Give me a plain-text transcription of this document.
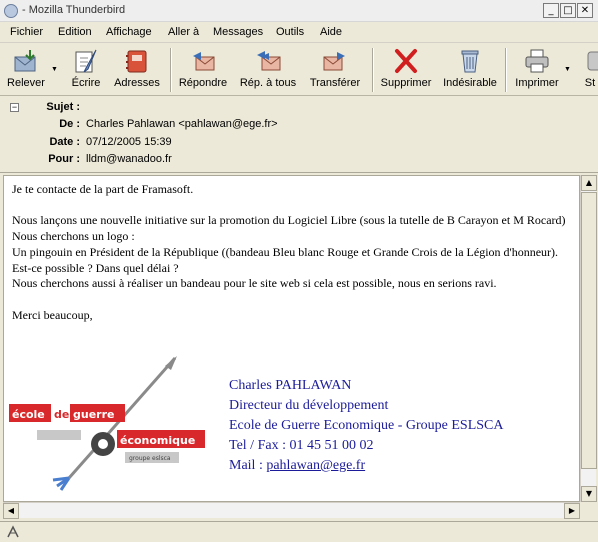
- Mozilla Thunderbird	_ □ ✕
Fichier Edition Affichage Aller à Messages Outils Aide
Relever
▼
Écrire	Adresses Répondre	Rép. à tous	Transférer	Supprimer Indésirable Imprimer
▼
St
−	Sujet :
De : Charles Pahlawan <pahlawan@ege.fr>
Date : 07/12/2005 15:39
Pour : lldm@wanadoo.fr
Je te contacte de la part de Framasoft.

Nous lançons une nouvelle initiative sur la promotion du Logiciel Libre (sous la tutelle de B Carayon et M Rocard) Nous cherchons un logo :
Un pingouin en Président de la République ((bandeau Bleu blanc Rouge et Grande Crois de la Légion d'honneur).
Est-ce possible ? Dans quel délai ?
Nous cherchons aussi à réaliser un bandeau pour le site web si cela est possible, nous en serions ravi.

Merci beaucoup,
école de guerre
économique
groupe eslsca
Charles PAHLAWAN
Directeur du développement
Ecole de Guerre Economique - Groupe ESLSCA
Tel / Fax : 01 45 51 00 02
Mail : pahlawan@ege.fr
▲
▼
◀	▶
